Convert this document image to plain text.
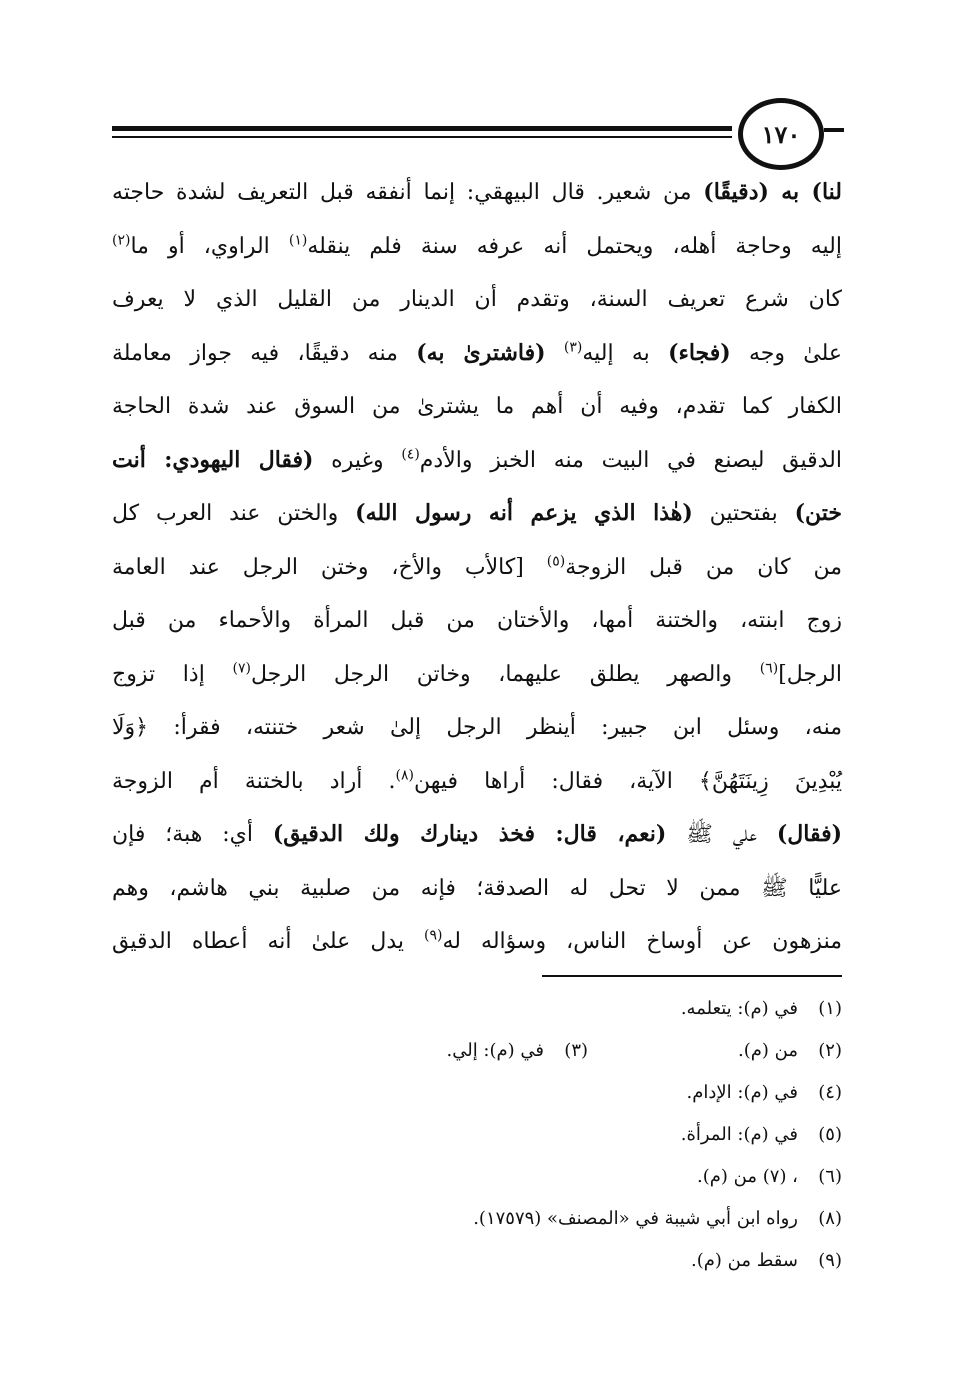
١٧٠
لنا) به (دقيقًا) من شعير. قال البيهقي: إنما أنفقه قبل التعريف لشدة حاجته
إليه وحاجة أهله، ويحتمل أنه عرفه سنة فلم ينقله$^{(١)}$ الراوي، أو ما$^{(٢)}$
كان شرع تعريف السنة، وتقدم أن الدينار من القليل الذي لا يعرف
علىٰ وجه (فجاء) به إليه$^{(٣)}$ (فاشترىٰ به) منه دقيقًا، فيه جواز معاملة
الكفار كما تقدم، وفيه أن أهم ما يشترىٰ من السوق عند شدة الحاجة
الدقيق ليصنع في البيت منه الخبز والأدم$^{(٤)}$ وغيره (فقال اليهودي: أنت
ختن) بفتحتين (هٰذا الذي يزعم أنه رسول الله) والختن عند العرب كل
من كان من قبل الزوجة$^{(٥)}$ [كالأب والأخ، وختن الرجل عند العامة
زوج ابنته، والختنة أمها، والأختان من قبل المرأة والأحماء من قبل
الرجل]$^{(٦)}$ والصهر يطلق عليهما، وخاتن الرجل الرجل$^{(٧)}$ إذا تزوج
منه، وسئل ابن جبير: أينظر الرجل إلىٰ شعر ختنته، فقرأ: ﴿وَلَا
يُبْدِينَ زِينَتَهُنَّ﴾ الآية، فقال: أراها فيهن$^{(٨)}$. أراد بالختنة أم الزوجة
(فقال) علي ﷺ (نعم، قال: فخذ دينارك ولك الدقيق) أي: هبة؛ فإن
عليًّا ﷺ ممن لا تحل له الصدقة؛ فإنه من صلبية بني هاشم، وهم
منزهون عن أوساخ الناس، وسؤاله له$^{(٩)}$ يدل علىٰ أنه أعطاه الدقيق
(١)في (م): يتعلمه.
(٢)من (م).
(٣)في (م): إلي.
(٤)في (م): الإدام.
(٥)في (م): المرأة.
(٦)، (٧) من (م).
(٨)رواه ابن أبي شيبة في «المصنف» (١٧٥٧٩).
(٩)سقط من (م).
